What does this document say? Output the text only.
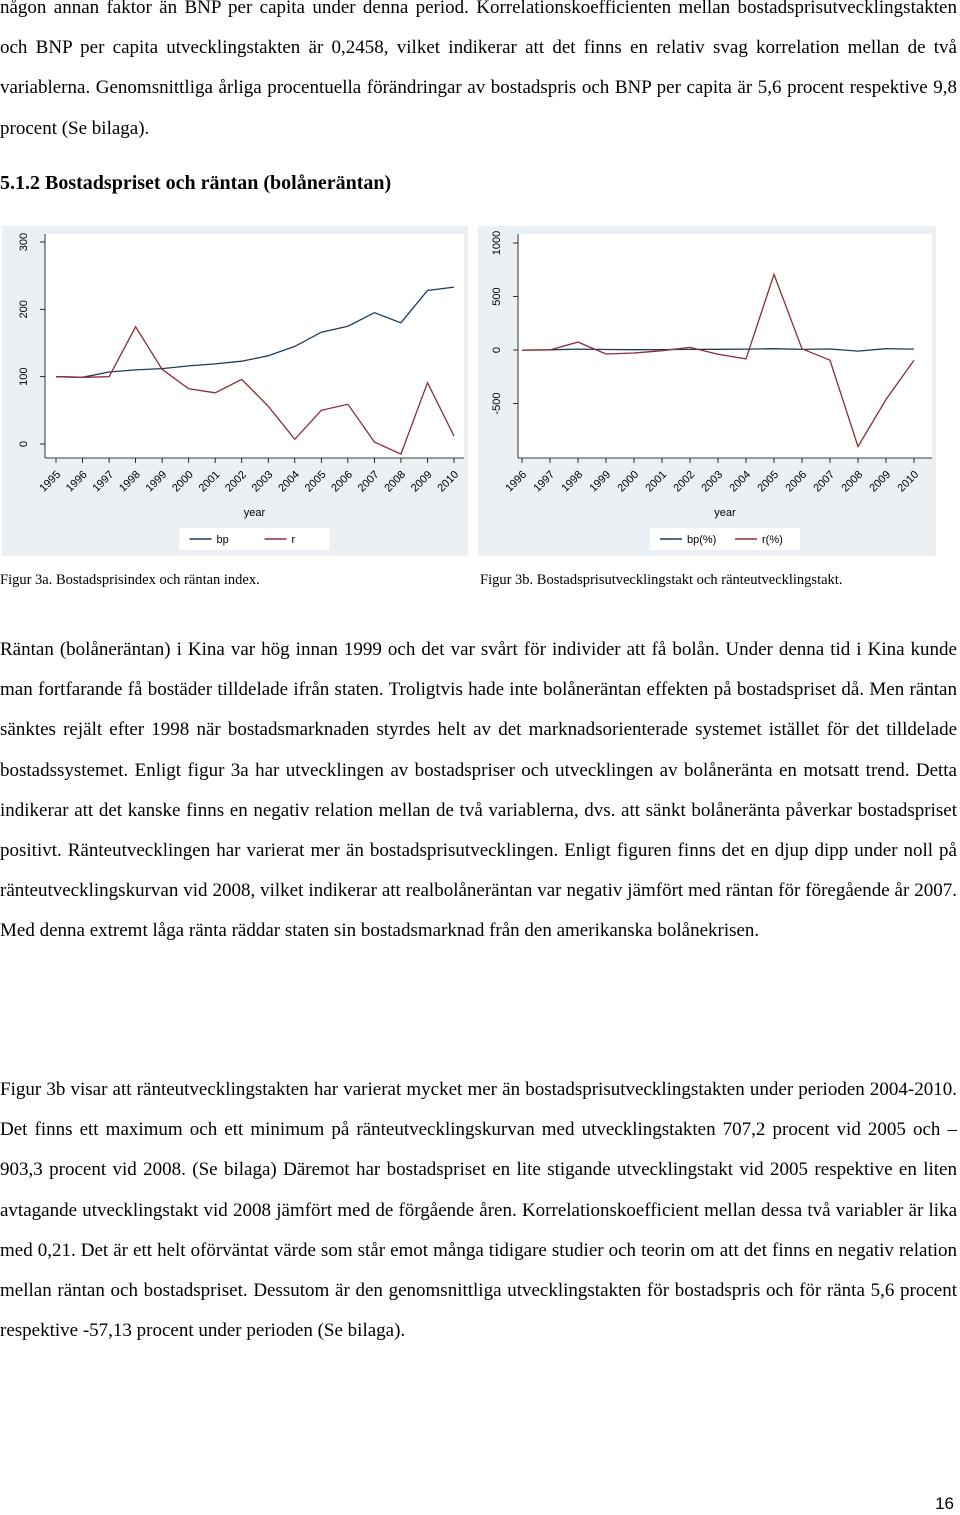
någon annan faktor än BNP per capita under denna period. Korrelationskoefficienten mellan bostadsprisutvecklingstakten och BNP per capita utvecklingstakten är 0,2458, vilket indikerar att det finns en relativ svag korrelation mellan de två variablerna. Genomsnittliga årliga procentuella förändringar av bostadspris och BNP per capita är 5,6 procent respektive 9,8 procent (Se bilaga).

5.1.2 Bostadspriset och räntan (bolåneräntan)
0
100
200
300
1995 1996 1997 1998 1999 2000 2001 2002 2003 2004 2005 2006 2007 2008 2009 2010
year
bp	r
-500
0
500
1000
1996 1997 1998 1999 2000 2001 2002 2003 2004 2005 2006 2007 2008 2009 2010
year
bp(%)	r(%)

Figur 3a. Bostadsprisindex och räntan index.	Figur 3b. Bostadsprisutvecklingstakt och ränteutvecklingstakt.

Räntan (bolåneräntan) i Kina var hög innan 1999 och det var svårt för individer att få bolån. Under denna tid i Kina kunde man fortfarande få bostäder tilldelade ifrån staten. Troligtvis hade inte bolåneräntan effekten på bostadspriset då. Men räntan sänktes rejält efter 1998 när bostadsmarknaden styrdes helt av det marknadsorienterade systemet istället för det tilldelade bostadssystemet. Enligt figur 3a har utvecklingen av bostadspriser och utvecklingen av bolåneränta en motsatt trend. Detta indikerar att det kanske finns en negativ relation mellan de två variablerna, dvs. att sänkt bolåneränta påverkar bostadspriset positivt. Ränteutvecklingen har varierat mer än bostadsprisutvecklingen. Enligt figuren finns det en djup dipp under noll på ränteutvecklingskurvan vid 2008, vilket indikerar att realbolåneräntan var negativ jämfört med räntan för föregående år 2007. Med denna extremt låga ränta räddar staten sin bostadsmarknad från den amerikanska bolånekrisen.

Figur 3b visar att ränteutvecklingstakten har varierat mycket mer än bostadsprisutvecklingstakten under perioden 2004-2010. Det finns ett maximum och ett minimum på ränteutvecklingskurvan med utvecklingstakten 707,2 procent vid 2005 och – 903,3 procent vid 2008. (Se bilaga) Däremot har bostadspriset en lite stigande utvecklingstakt vid 2005 respektive en liten avtagande utvecklingstakt vid 2008 jämfört med de förgående åren. Korrelationskoefficient mellan dessa två variabler är lika med 0,21. Det är ett helt oförväntat värde som står emot många tidigare studier och teorin om att det finns en negativ relation mellan räntan och bostadspriset. Dessutom är den genomsnittliga utvecklingstakten för bostadspris och för ränta 5,6 procent respektive -57,13 procent under perioden (Se bilaga).

16
